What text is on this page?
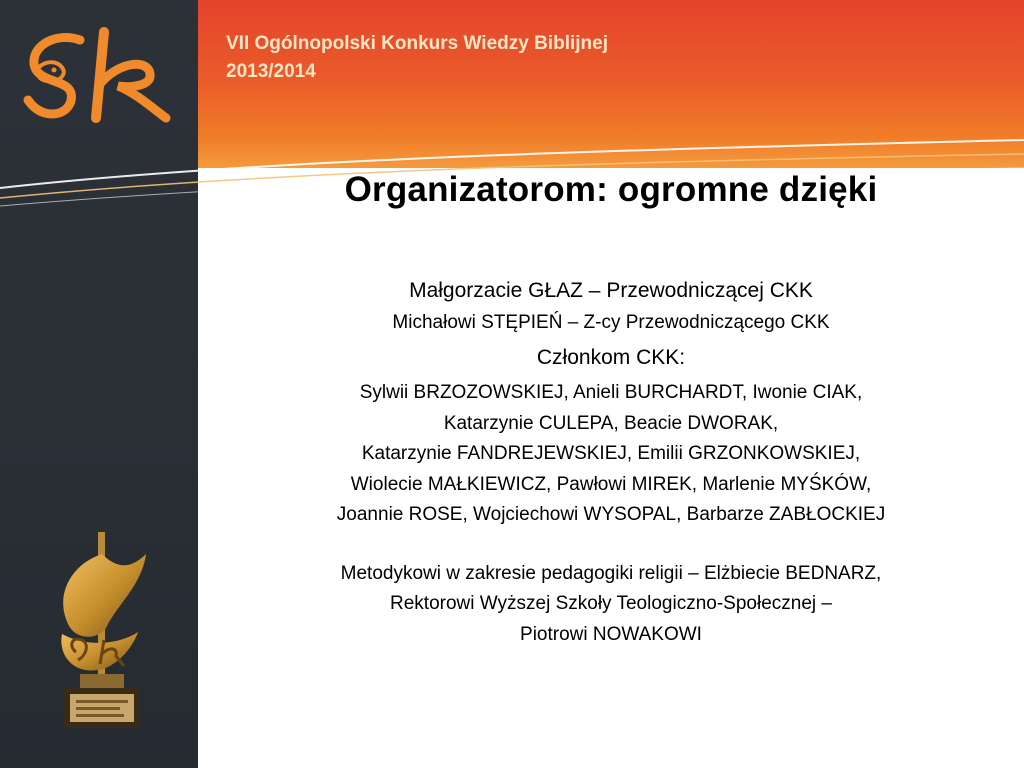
VII Ogólnopolski Konkurs Wiedzy Biblijnej
2013/2014
Organizatorom: ogromne dzięki
Małgorzacie GŁAZ – Przewodniczącej CKK
Michałowi STĘPIEŃ – Z-cy Przewodniczącego CKK
Członkom CKK:
Sylwii BRZOZOWSKIEJ, Anieli BURCHARDT, Iwonie CIAK,
Katarzynie CULEPA, Beacie DWORAK,
Katarzynie FANDREJEWSKIEJ, Emilii GRZONKOWSKIEJ,
Wiolecie MAŁKIEWICZ, Pawłowi MIREK, Marlenie MYŚKÓW,
Joannie ROSE, Wojciechowi WYSOPAL, Barbarze ZABŁOCKIEJ
Metodykowi w zakresie pedagogiki religii – Elżbiecie BEDNARZ,
Rektorowi Wyższej Szkoły Teologiczno-Społecznej –
Piotrowi NOWAKOWI
